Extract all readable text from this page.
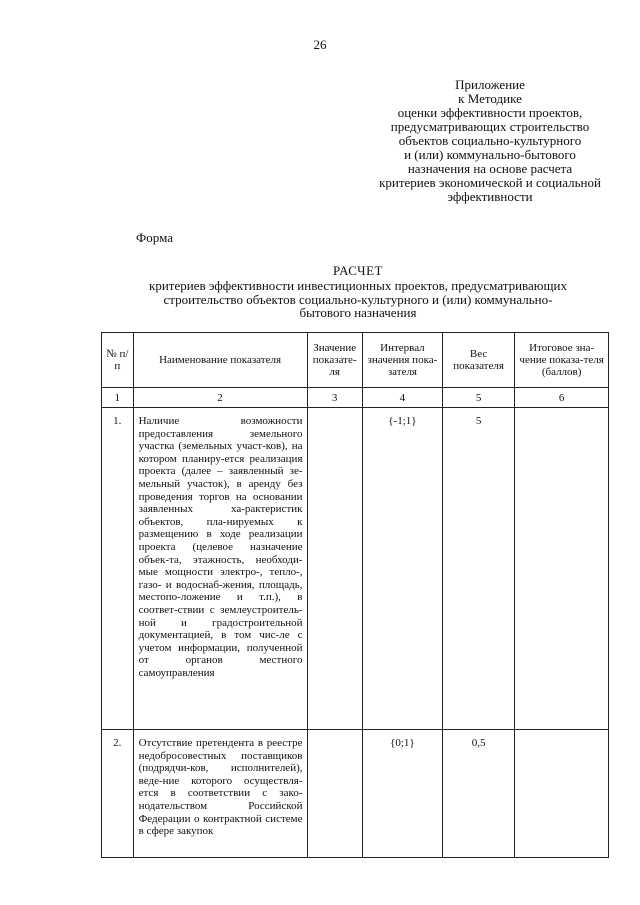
26
Приложение
к Методике
оценки эффективности проектов,
предусматривающих строительство
объектов социально-культурного
и (или) коммунально-бытового
назначения на основе расчета
критериев экономической и социальной
эффективности
Форма
РАСЧЕТ
критериев эффективности инвестиционных проектов, предусматривающих
строительство объектов социально-культурного и (или) коммунально-
бытового назначения
№ п/п	Наименование показателя	Значение показате-ля	Интервал значения пока-зателя	Вес показателя	Итоговое зна-чение показа-теля (баллов)
1	2	3	4	5	6
1.	Наличие возможности предоставления земельного участка (земельных участ-ков), на котором планиру-ется реализация проекта (далее – заявленный зе-мельный участок), в аренду без проведения торгов на основании заявленных ха-рактеристик объектов, пла-нируемых к размещению в ходе реализации проекта (целевое назначение объек-та, этажность, необходи-мые мощности электро-, тепло-, газо- и водоснаб-жения, площадь, местопо-ложение и т.п.), в соответ-ствии с землеустроитель-ной и градостроительной документацией, в том чис-ле с учетом информации, полученной от органов местного самоуправления		{-1;1}	5	
2.	Отсутствие претендента в реестре недобросовестных поставщиков (подрядчи-ков, исполнителей), веде-ние которого осуществля-ется в соответствии с зако-нодательством Российской Федерации о контрактной системе в сфере закупок		{0;1}	0,5	
